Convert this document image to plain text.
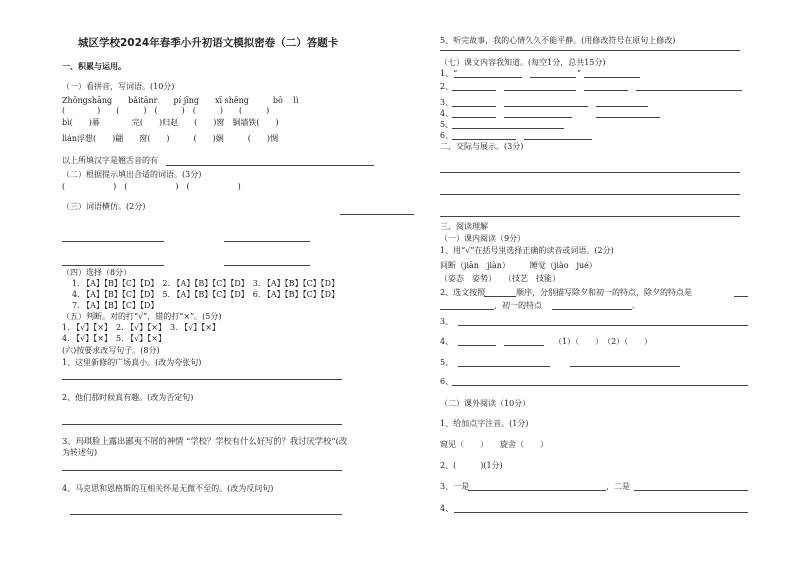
城区学校2024年春季小升初语文模拟密卷（二）答题卡
一、积累与运用。
（一）看拼音，写词语。(10分)
Zhōngshāng　　bǎitānr　　pí jīng　　xī shēng　　　bō　 lì
(　　　　)　　(　　　)　(　　　)　(　　　)　　(　　　)
bì(　　)幕　　　　完(　　)归赵　　(　　)窗　铜墙铁(　　)
lián浮想(　　)翩　　窗(　　)　　　(　　)娴　　　(　　)惆
以上所填汉字是翘舌音的有
（二）根据提示填出合适的词语。(3分)
(　　　　　　)　(　　　　　　)　(　　　　　　)
（三）词语横仿。(2分)
（四）选择（8分）
1. 【A】【B】【C】【D】　2. 【A】【B】【C】【D】　3. 【A】【B】【C】【D】
4. 【A】【B】【C】【D】　5. 【A】【B】【C】【D】　6. 【A】【B】【C】【D】
7. 【A】【B】【C】【D】
（五）判断。对的打“√”，错的打“×”。(5分)
1. 【√】【×】　2. 【√】【×】　3. 【√】【×】
4. 【√】【×】　5. 【√】【×】
(六)按要求改写句子。(8分)
1、这里新修的广场真小。(改为夸张句)
2、他们那时候真有趣。(改为否定句)
3、玛琪脸上露出鄙夷不屑的神情 “学校？学校有什么好写的？我讨厌学校”(改
为转述句)
4、马克思和恩格斯的互相关怀是无微不至的。(改为反问句)
5、听完故事，我的心情久久不能平静。(用修改符号在原句上修改)
（七）课文内容我知道。(每空1分，总共15分)
1、“	”
2、
3、
4、
5、
6、
二、交际与展示。(3分)
三、阅读理解
（一）课内阅读（9分）
1、用“√”在括号里选择正确的读音或词语。(2分)
间断（jiān　jiàn）　　　睡觉（jiào　jué）
（姿态　姿势）　　（技艺　技能）
2、选文按照	顺序，分别描写除夕和初一的特点，除夕的特点是
，初一的特点	。
3、
4、	（1）（　　）　（2）（　　）
5、
6、
（二）课外阅读（10分）
1、给加点字注音。(1分)
窥见（　　）　　旋舍（　　）
2、(　　　)(1分)
3、一是	，二是
4、
